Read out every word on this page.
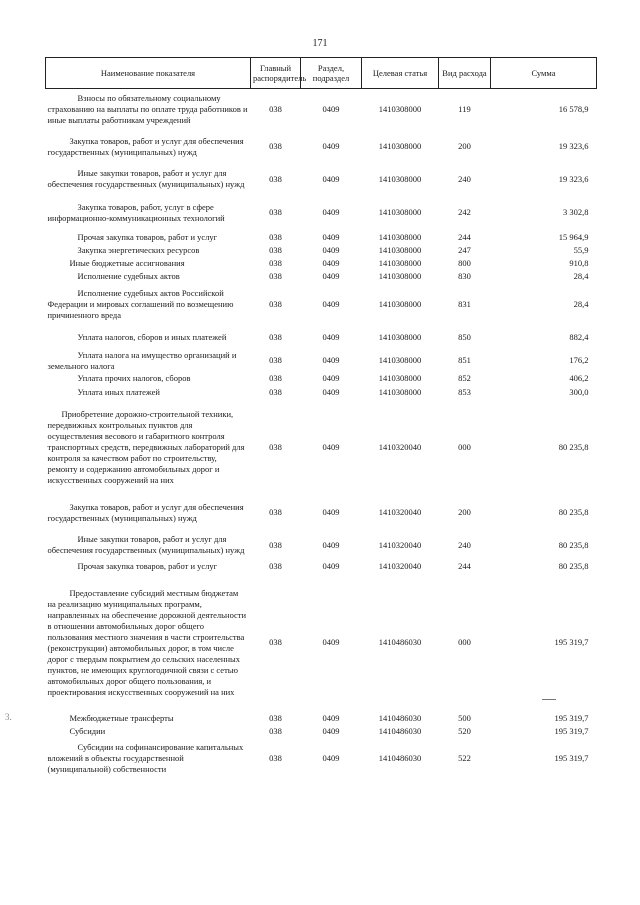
171
3.
Наименование показателя	Главный распорядитель	Раздел, подраздел	Целевая статья	Вид расхода	Сумма
Взносы по обязательному социальному страхованию на выплаты по оплате труда работников и иные выплаты работникам учреждений	038	0409	1410308000	119	16 578,9
Закупка товаров, работ и услуг для обеспечения государственных (муниципальных) нужд	038	0409	1410308000	200	19 323,6
Иные закупки товаров, работ и услуг для обеспечения государственных (муниципальных) нужд	038	0409	1410308000	240	19 323,6
Закупка товаров, работ, услуг в сфере информационно-коммуникационных технологий	038	0409	1410308000	242	3 302,8
Прочая закупка товаров, работ и услуг	038	0409	1410308000	244	15 964,9
Закупка энергетических ресурсов	038	0409	1410308000	247	55,9
Иные бюджетные ассигнования	038	0409	1410308000	800	910,8
Исполнение судебных актов	038	0409	1410308000	830	28,4
Исполнение судебных актов Российской Федерации и мировых соглашений по возмещению причиненного вреда	038	0409	1410308000	831	28,4
Уплата налогов, сборов и иных платежей	038	0409	1410308000	850	882,4
Уплата налога на имущество организаций и земельного налога	038	0409	1410308000	851	176,2
Уплата прочих налогов, сборов	038	0409	1410308000	852	406,2
Уплата иных платежей	038	0409	1410308000	853	300,0
Приобретение дорожно-строительной техники, передвижных контрольных пунктов для осуществления весового и габаритного контроля транспортных средств, передвижных лабораторий для контроля за качеством работ по строительству, ремонту и содержанию автомобильных дорог и искусственных сооружений на них	038	0409	1410320040	000	80 235,8
Закупка товаров, работ и услуг для обеспечения государственных (муниципальных) нужд	038	0409	1410320040	200	80 235,8
Иные закупки товаров, работ и услуг для обеспечения государственных (муниципальных) нужд	038	0409	1410320040	240	80 235,8
Прочая закупка товаров, работ и услуг	038	0409	1410320040	244	80 235,8
Предоставление субсидий местным бюджетам на реализацию муниципальных программ, направленных на обеспечение дорожной деятельности в отношении автомобильных дорог общего пользования местного значения в части строительства (реконструкции) автомобильных дорог, в том числе дорог с твердым покрытием до сельских населенных пунктов, не имеющих круглогодичной связи с сетью автомобильных дорог общего пользования, и проектирования искусственных сооружений на них	038	0409	1410486030	000	195 319,7
Межбюджетные трансферты	038	0409	1410486030	500	195 319,7
Субсидии	038	0409	1410486030	520	195 319,7
Субсидии на софинансирование капитальных вложений в объекты государственной (муниципальной) собственности	038	0409	1410486030	522	195 319,7
